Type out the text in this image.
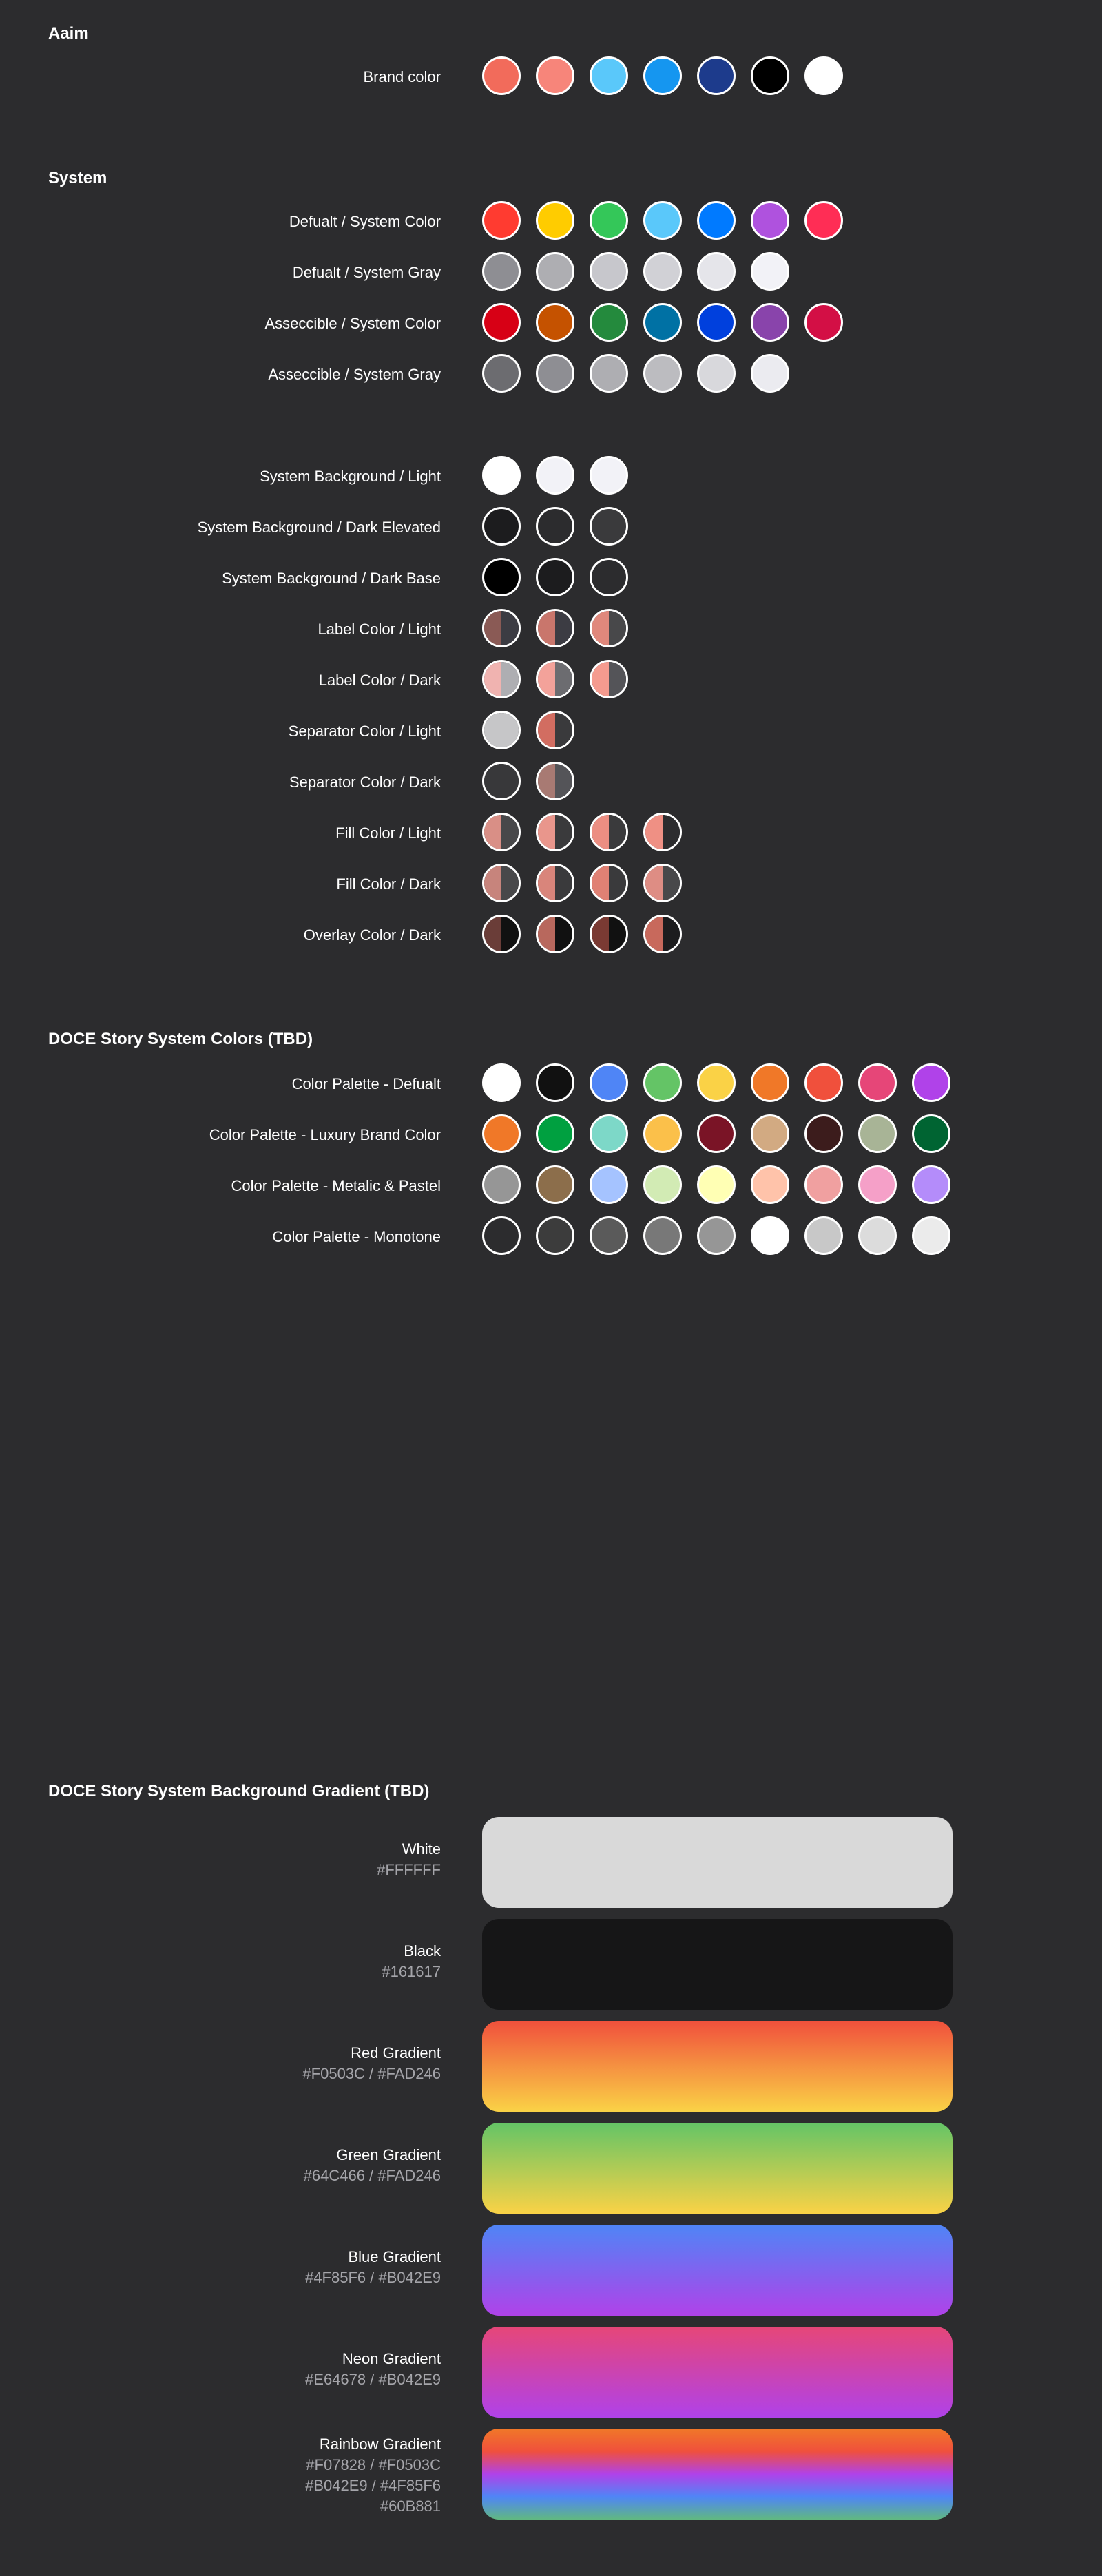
Aaim
System
DOCE Story System Colors (TBD)
DOCE Story System Background Gradient (TBD)
Brand color
Defualt / System Color
Defualt / System Gray
Asseccible / System Color
Asseccible / System Gray
System Background / Light
System Background / Dark Elevated
System Background / Dark Base
Label Color / Light
Label Color / Dark
Separator Color / Light
Separator Color / Dark
Fill Color / Light
Fill Color / Dark
Overlay Color / Dark
Color Palette - Defualt
Color Palette - Luxury Brand Color
Color Palette - Metalic & Pastel
Color Palette - Monotone
White
#FFFFFF
Black
#161617
Red Gradient
#F0503C / #FAD246
Green Gradient
#64C466 / #FAD246
Blue Gradient
#4F85F6 / #B042E9
Neon Gradient
#E64678 / #B042E9
Rainbow Gradient
#F07828 / #F0503C
#B042E9 / #4F85F6
#60B881
